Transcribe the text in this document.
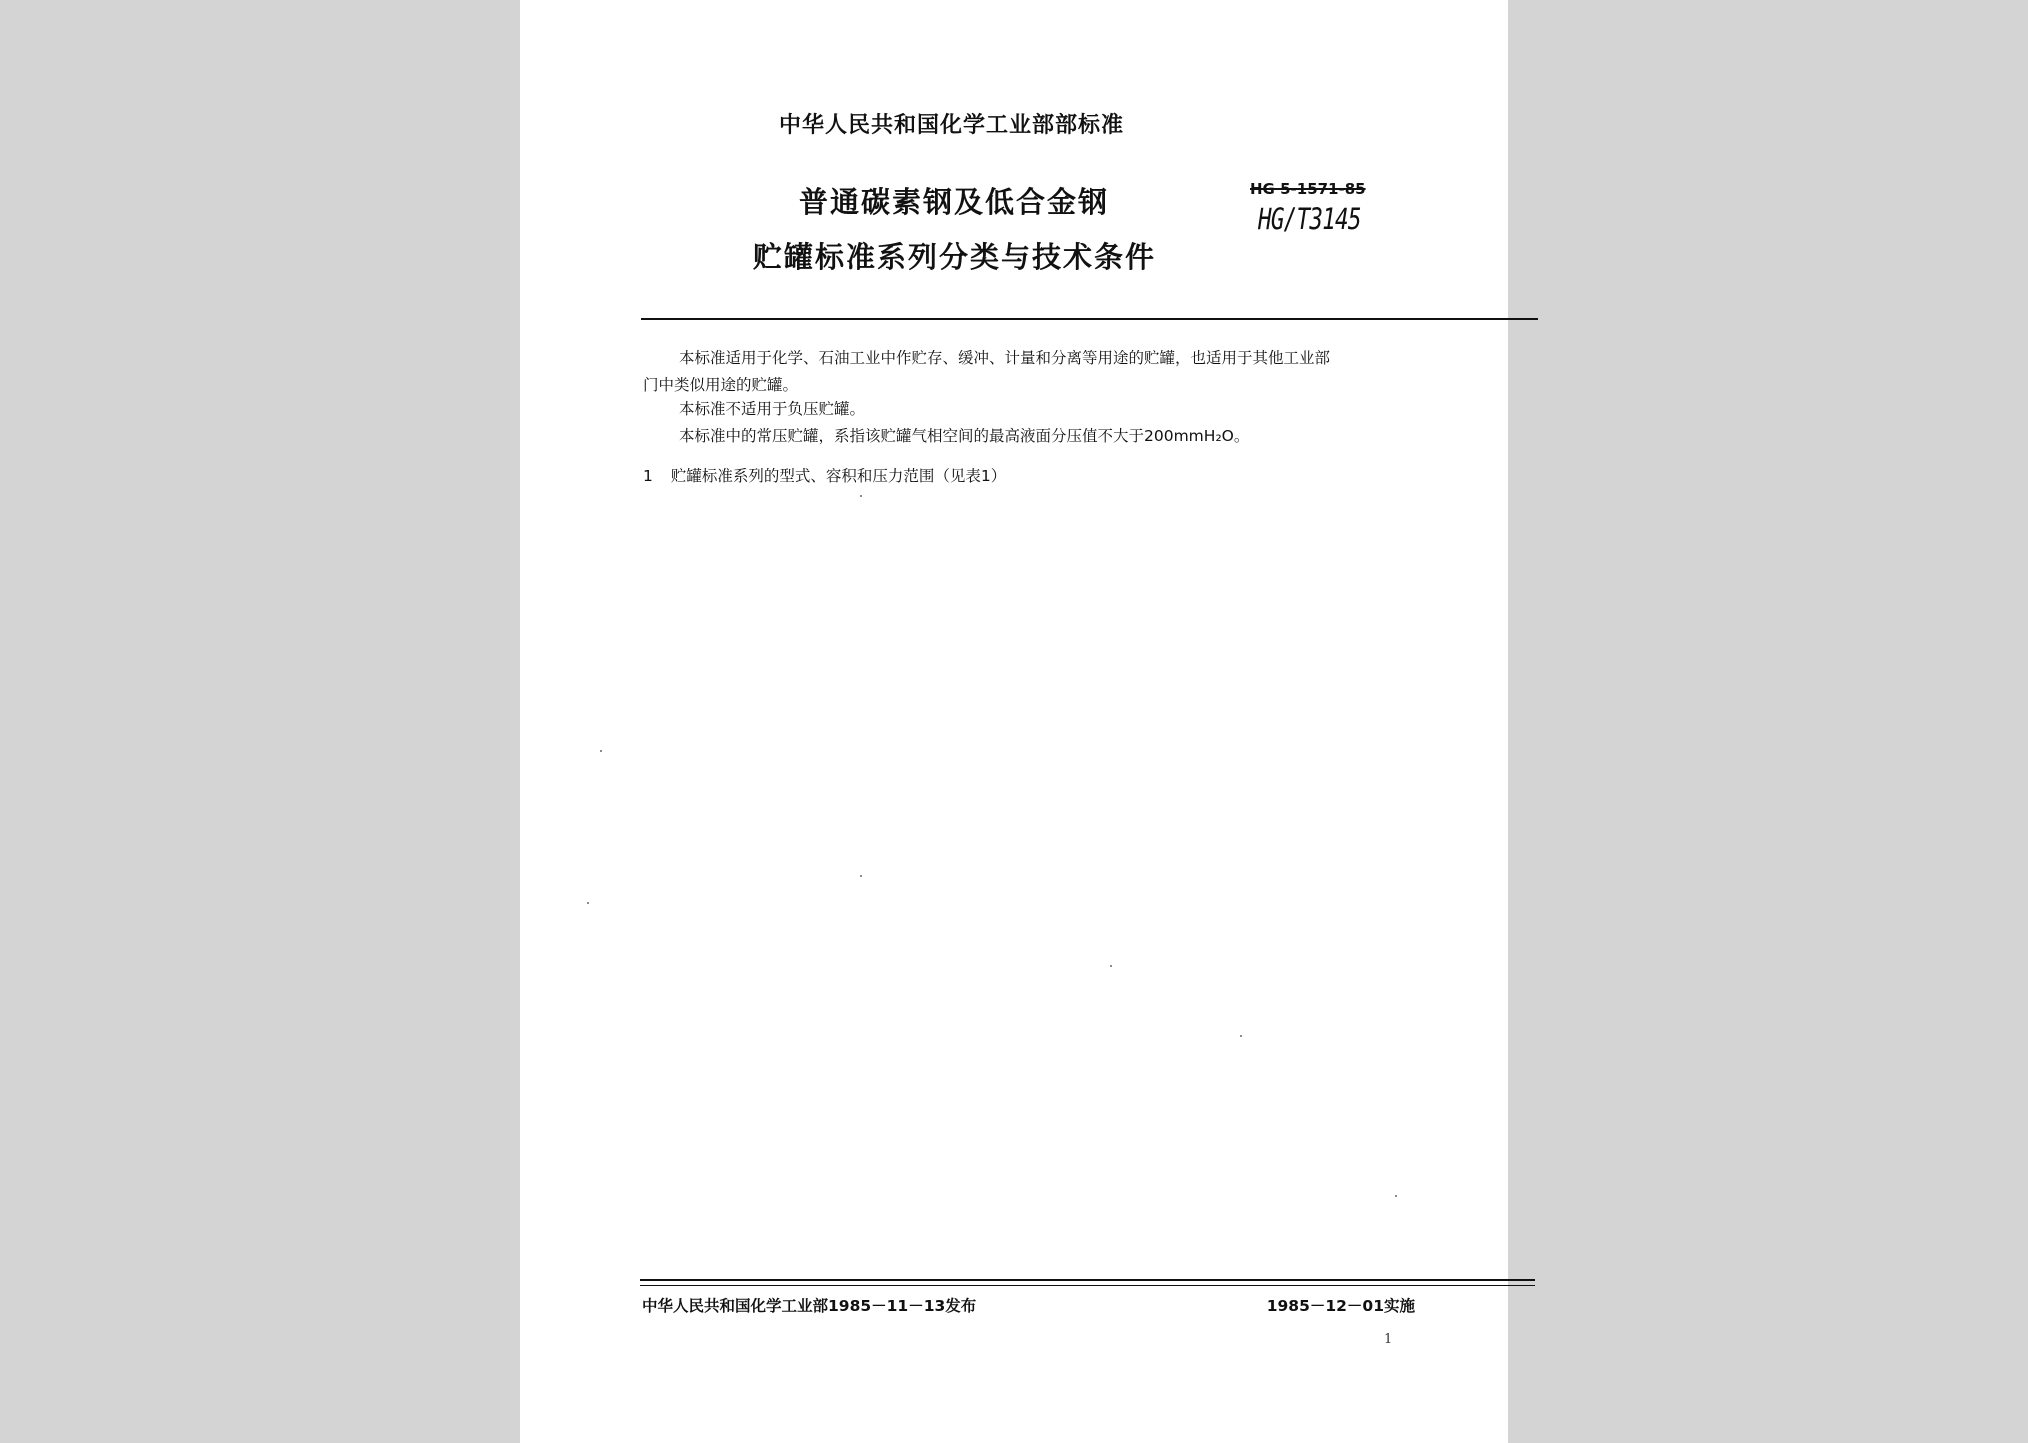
中华人民共和国化学工业部部标准
普通碳素钢及低合金钢
贮罐标准系列分类与技术条件
HG 5-1571-85
HG/T3145
本标准适用于化学、石油工业中作贮存、缓冲、计量和分离等用途的贮罐，也适用于其他工业部
门中类似用途的贮罐。
本标准不适用于负压贮罐。
本标准中的常压贮罐，系指该贮罐气相空间的最高液面分压值不大于200mmH₂O。
1 贮罐标准系列的型式、容积和压力范围（见表1）
中华人民共和国化学工业部1985－11－13发布	1985－12－01实施
1
